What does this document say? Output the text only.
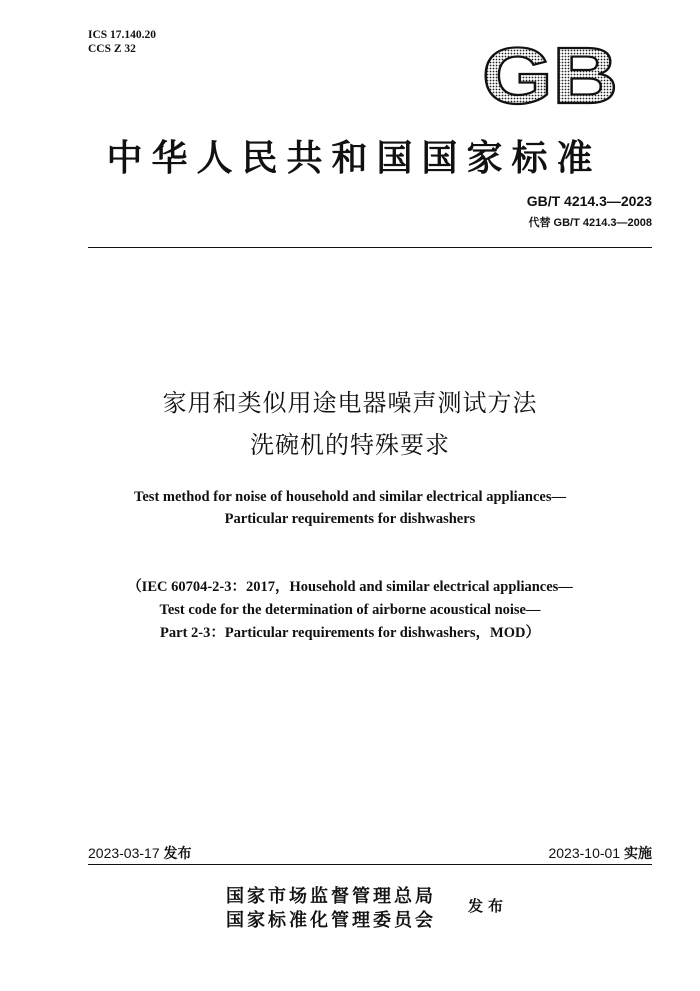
ICS 17.140.20
CCS Z 32	GB
中华人民共和国国家标准
GB/T 4214.3—2023
代替 GB/T 4214.3—2008
家用和类似用途电器噪声测试方法
洗碗机的特殊要求
Test method for noise of household and similar electrical appliances—
Particular requirements for dishwashers
（IEC 60704-2-3：2017，Household and similar electrical appliances—
Test code for the determination of airborne acoustical noise—
Part 2-3：Particular requirements for dishwashers，MOD）
2023-03-17 发布	2023-10-01 实施
国家市场监督管理总局
国家标准化管理委员会
发布
